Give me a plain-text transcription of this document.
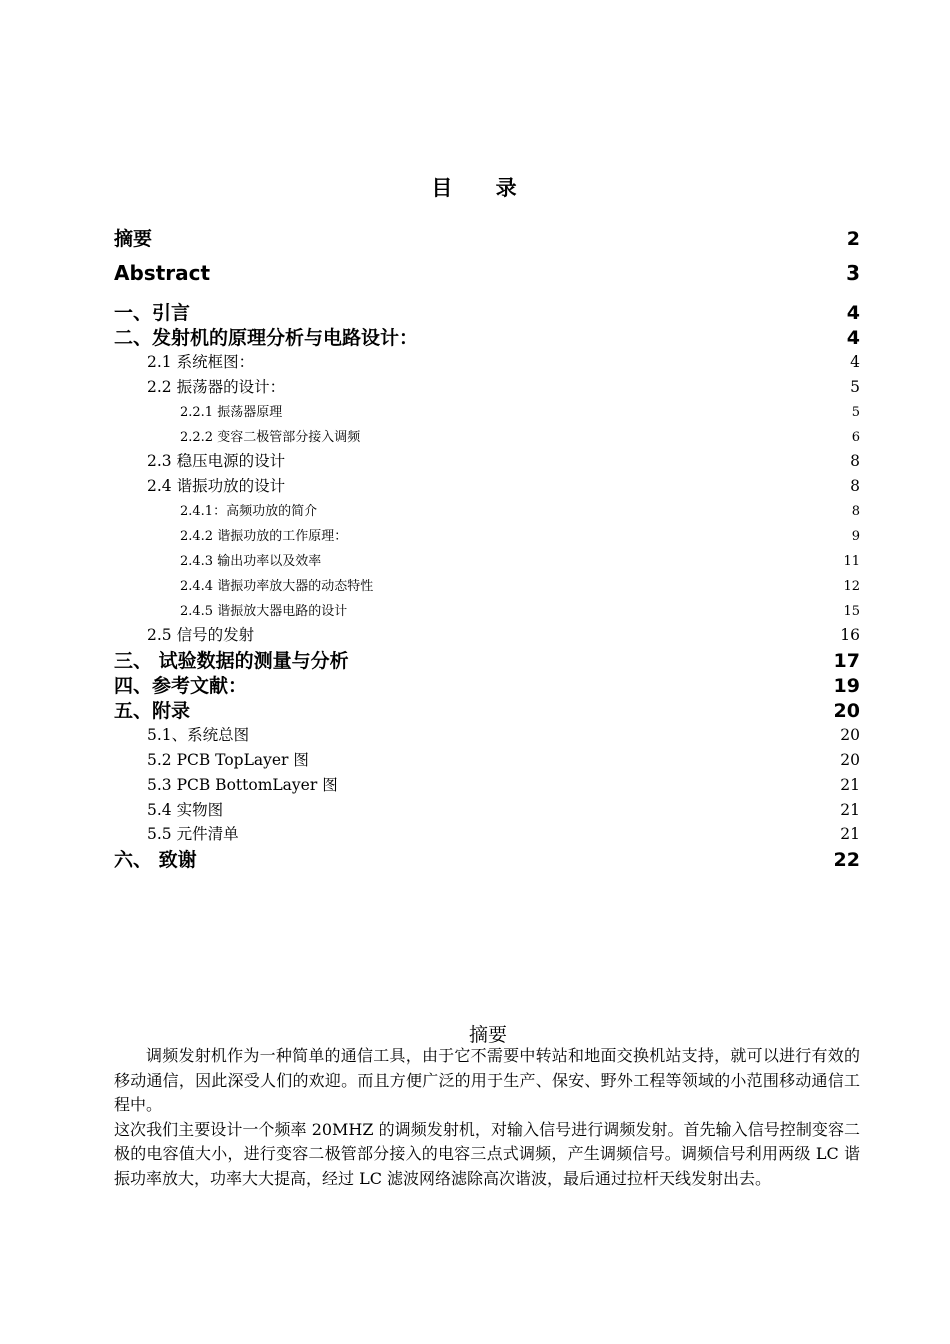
目 录
摘要	2
Abstract	3
一、引言	4
二、发射机的原理分析与电路设计：	4
2.1 系统框图：	4
2.2 振荡器的设计：	5
2.2.1 振荡器原理	5
2.2.2 变容二极管部分接入调频	6
2.3 稳压电源的设计	8
2.4 谐振功放的设计	8
2.4.1：高频功放的简介	8
2.4.2 谐振功放的工作原理：	9
2.4.3 输出功率以及效率	11
2.4.4 谐振功率放大器的动态特性	12
2.4.5 谐振放大器电路的设计	15
2.5 信号的发射	16
三、 试验数据的测量与分析	17
四、参考文献：	19
五、附录	20
5.1、系统总图	20
5.2 PCB TopLayer 图	20
5.3 PCB BottomLayer 图	21
5.4 实物图	21
5.5 元件清单	21
六、 致谢	22
摘要

调频发射机作为一种简单的通信工具，由于它不需要中转站和地面交换机站支持，就可以进行有效的移动通信，因此深受人们的欢迎。而且方便广泛的用于生产、保安、野外工程等领域的小范围移动通信工程中。

这次我们主要设计一个频率 20MHZ 的调频发射机，对输入信号进行调频发射。首先输入信号控制变容二极的电容值大小，进行变容二极管部分接入的电容三点式调频，产生调频信号。调频信号利用两级 LC 谐振功率放大，功率大大提高，经过 LC 滤波网络滤除高次谐波，最后通过拉杆天线发射出去。
